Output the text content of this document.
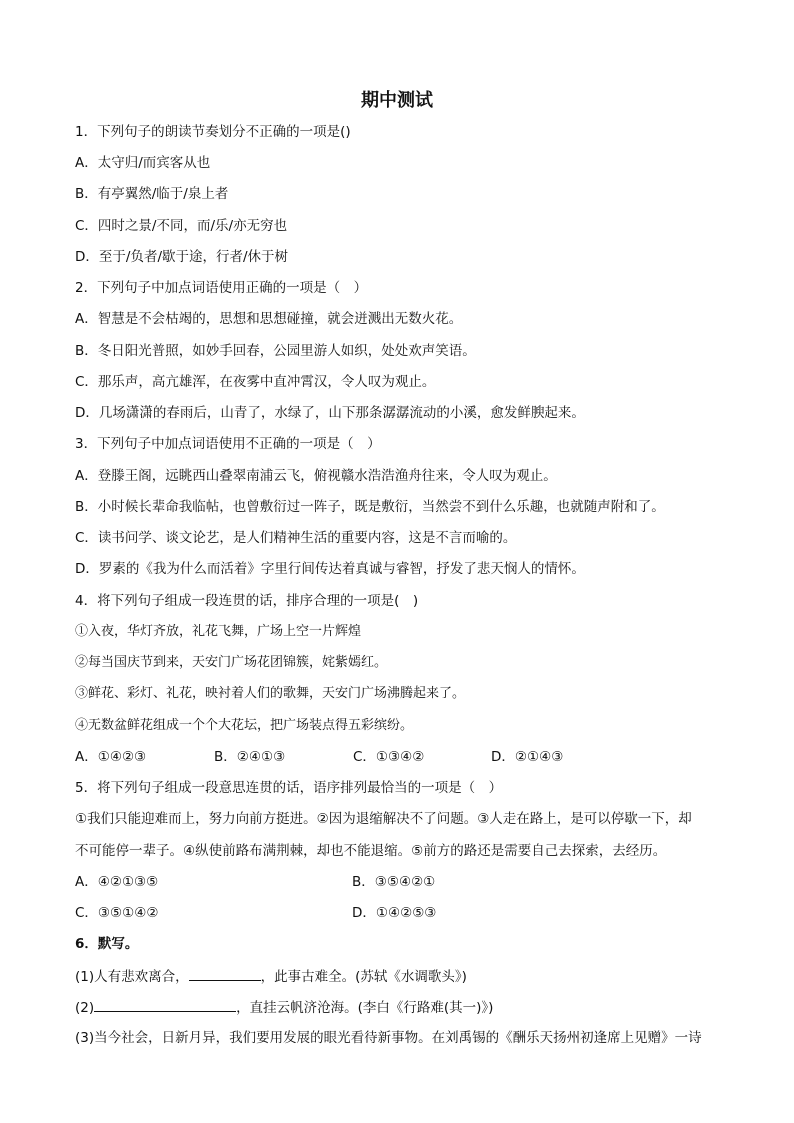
期中测试
1．下列句子的朗读节奏划分不正确的一项是()
A．太守归/而宾客从也
B．有亭翼然/临于/泉上者
C．四时之景/不同，而/乐/亦无穷也
D．至于/负者/歇于途，行者/休于树
2．下列句子中加点词语使用正确的一项是（　）
A．智慧是不会枯竭的，思想和思想碰撞，就会迸溅出无数火花。
B．冬日阳光普照，如妙手回春，公园里游人如织，处处欢声笑语。
C．那乐声，高亢雄浑，在夜雾中直冲霄汉，令人叹为观止。
D．几场潇潇的春雨后，山青了，水绿了，山下那条潺潺流动的小溪，愈发鲜腴起来。
3．下列句子中加点词语使用不正确的一项是（　）
A．登滕王阁，远眺西山叠翠南浦云飞，俯视赣水浩浩渔舟往来，令人叹为观止。
B．小时候长辈命我临帖，也曾敷衍过一阵子，既是敷衍，当然尝不到什么乐趣，也就随声附和了。
C．读书问学、谈文论艺，是人们精神生活的重要内容，这是不言而喻的。
D．罗素的《我为什么而活着》字里行间传达着真诚与睿智，抒发了悲天悯人的情怀。
4．将下列句子组成一段连贯的话，排序合理的一项是(　)
①入夜，华灯齐放，礼花飞舞，广场上空一片辉煌
②每当国庆节到来，天安门广场花团锦簇，姹紫嫣红。
③鲜花、彩灯、礼花，映衬着人们的歌舞，天安门广场沸腾起来了。
④无数盆鲜花组成一个个大花坛，把广场装点得五彩缤纷。
A．①④②③	B．②④①③	C．①③④②	D．②①④③
5．将下列句子组成一段意思连贯的话，语序排列最恰当的一项是（　）
①我们只能迎难而上，努力向前方挺进。②因为退缩解决不了问题。③人走在路上，是可以停歇一下，却
不可能停一辈子。④纵使前路布满荆棘，却也不能退缩。⑤前方的路还是需要自己去探索，去经历。
A．④②①③⑤	B．③⑤④②①
C．③⑤①④②	D．①④②⑤③
6．默写。
(1)人有悲欢离合，	，此事古难全。(苏轼《水调歌头》)
(2)	，直挂云帆济沧海。(李白《行路难(其一)》)
(3)当今社会，日新月异，我们要用发展的眼光看待新事物。在刘禹锡的《酬乐天扬州初逢席上见赠》一诗
